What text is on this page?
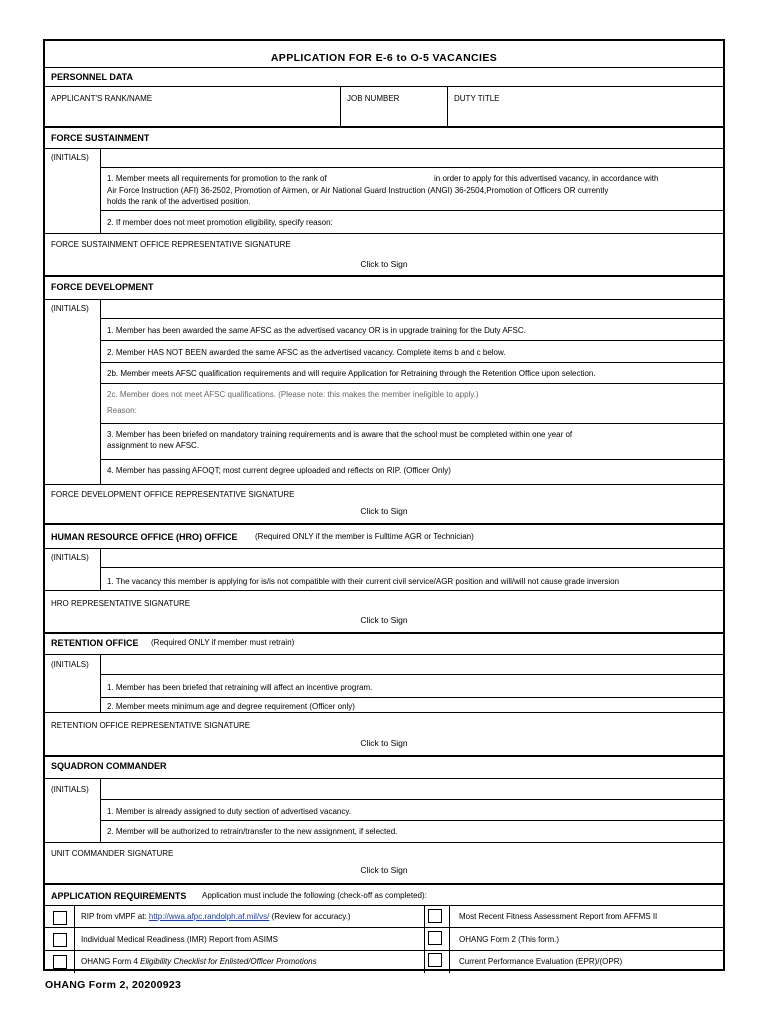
APPLICATION FOR E-6 to O-5 VACANCIES
PERSONNEL DATA
APPLICANT'S RANK/NAME	JOB NUMBER	DUTY TITLE
FORCE SUSTAINMENT
(INITIALS)
1. Member meets all requirements for promotion to the rank of	in order to apply for this advertised vacancy, in accordance with
Air Force Instruction (AFI) 36-2502, Promotion of Airmen, or Air National Guard Instruction (ANGI) 36-2504,Promotion of Officers OR currently
holds the rank of the advertised position.
2. If member does not meet promotion eligibility, specify reason:
FORCE SUSTAINMENT OFFICE REPRESENTATIVE SIGNATURE
Click to Sign
FORCE DEVELOPMENT
(INITIALS)
1. Member has been awarded the same AFSC as the advertised vacancy OR is in upgrade training for the Duty AFSC.
2. Member HAS NOT BEEN awarded the same AFSC as the advertised vacancy. Complete items b and c below.
2b. Member meets AFSC qualification requirements and will require Application for Retraining through the Retention Office upon selection.
2c. Member does not meet AFSC qualifications. (Please note: this makes the member ineligible to apply.)
Reason:
3. Member has been briefed on mandatory training requirements and is aware that the school must be completed within one year of
assignment to new AFSC.
4. Member has passing AFOQT; most current degree uploaded and reflects on RIP. (Officer Only)
FORCE DEVELOPMENT OFFICE REPRESENTATIVE SIGNATURE
Click to Sign
HUMAN RESOURCE OFFICE (HRO) OFFICE (Required ONLY if the member is Fulltime AGR or Technician)
(INITIALS)
1. The vacancy this member is applying for is/is not compatible with their current civil service/AGR position and will/will not cause grade inversion
HRO REPRESENTATIVE SIGNATURE
Click to Sign
RETENTION OFFICE (Required ONLY if member must retrain)
(INITIALS)
1. Member has been briefed that retraining will affect an incentive program.
2. Member meets minimum age and degree requirement (Officer only)
RETENTION OFFICE REPRESENTATIVE SIGNATURE
Click to Sign
SQUADRON COMMANDER
(INITIALS)
1. Member is already assigned to duty section of advertised vacancy.
2. Member will be authorized to retrain/transfer to the new assignment, if selected.
UNIT COMMANDER SIGNATURE
Click to Sign
APPLICATION REQUIREMENTS Application must include the following (check-off as completed):
RIP from vMPF at: http://wwa.afpc.randolph.af.mil/vs/ (Review for accuracy.)	Most Recent Fitness Assessment Report from AFFMS II
Individual Medical Readiness (IMR) Report from ASIMS	OHANG Form 2 (This form.)
OHANG Form 4 Eligibility Checklist for Enlisted/Officer Promotions	Current Performance Evaluation (EPR)/(OPR)
OHANG Form 2, 20200923
